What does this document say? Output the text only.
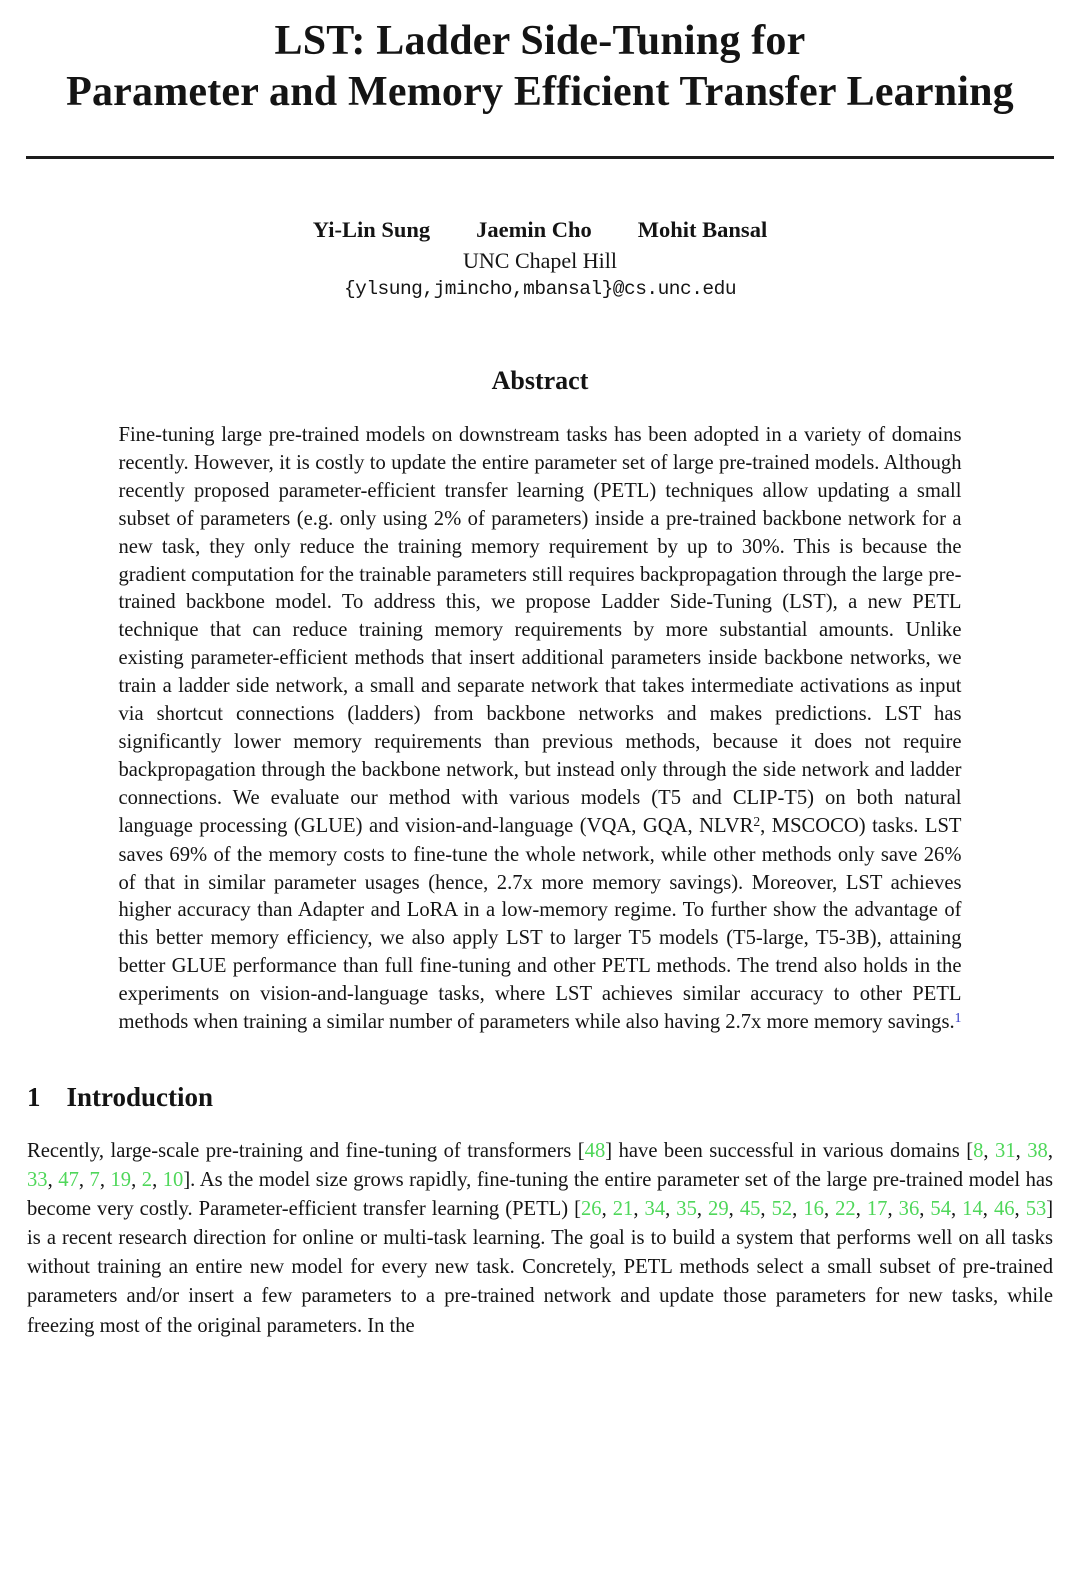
LST: Ladder Side-Tuning for
Parameter and Memory Efficient Transfer Learning
Yi-Lin Sung Jaemin Cho Mohit Bansal
UNC Chapel Hill
{ylsung,jmincho,mbansal}@cs.unc.edu
Abstract

Fine-tuning large pre-trained models on downstream tasks has been adopted in a variety of domains recently. However, it is costly to update the entire parameter set of large pre-trained models. Although recently proposed parameter-efficient transfer learning (PETL) techniques allow updating a small subset of parameters (e.g. only using 2% of parameters) inside a pre-trained backbone network for a new task, they only reduce the training memory requirement by up to 30%. This is because the gradient computation for the trainable parameters still requires backpropagation through the large pre-trained backbone model. To address this, we propose Ladder Side-Tuning (LST), a new PETL technique that can reduce training memory requirements by more substantial amounts. Unlike existing parameter-efficient methods that insert additional parameters inside backbone networks, we train a ladder side network, a small and separate network that takes intermediate activations as input via shortcut connections (ladders) from backbone networks and makes predictions. LST has significantly lower memory requirements than previous methods, because it does not require backpropagation through the backbone network, but instead only through the side network and ladder connections. We evaluate our method with various models (T5 and CLIP-T5) on both natural language processing (GLUE) and vision-and-language (VQA, GQA, NLVR$^2$, MSCOCO) tasks. LST saves 69% of the memory costs to fine-tune the whole network, while other methods only save 26% of that in similar parameter usages (hence, 2.7x more memory savings). Moreover, LST achieves higher accuracy than Adapter and LoRA in a low-memory regime. To further show the advantage of this better memory efficiency, we also apply LST to larger T5 models (T5-large, T5-3B), attaining better GLUE performance than full fine-tuning and other PETL methods. The trend also holds in the experiments on vision-and-language tasks, where LST achieves similar accuracy to other PETL methods when training a similar number of parameters while also having 2.7x more memory savings.$^1$

1 Introduction

Recently, large-scale pre-training and fine-tuning of transformers [48] have been successful in various domains [8, 31, 38, 33, 47, 7, 19, 2, 10]. As the model size grows rapidly, fine-tuning the entire parameter set of the large pre-trained model has become very costly. Parameter-efficient transfer learning (PETL) [26, 21, 34, 35, 29, 45, 52, 16, 22, 17, 36, 54, 14, 46, 53] is a recent research direction for online or multi-task learning. The goal is to build a system that performs well on all tasks without training an entire new model for every new task. Concretely, PETL methods select a small subset of pre-trained parameters and/or insert a few parameters to a pre-trained network and update those parameters for new tasks, while freezing most of the original parameters. In the
